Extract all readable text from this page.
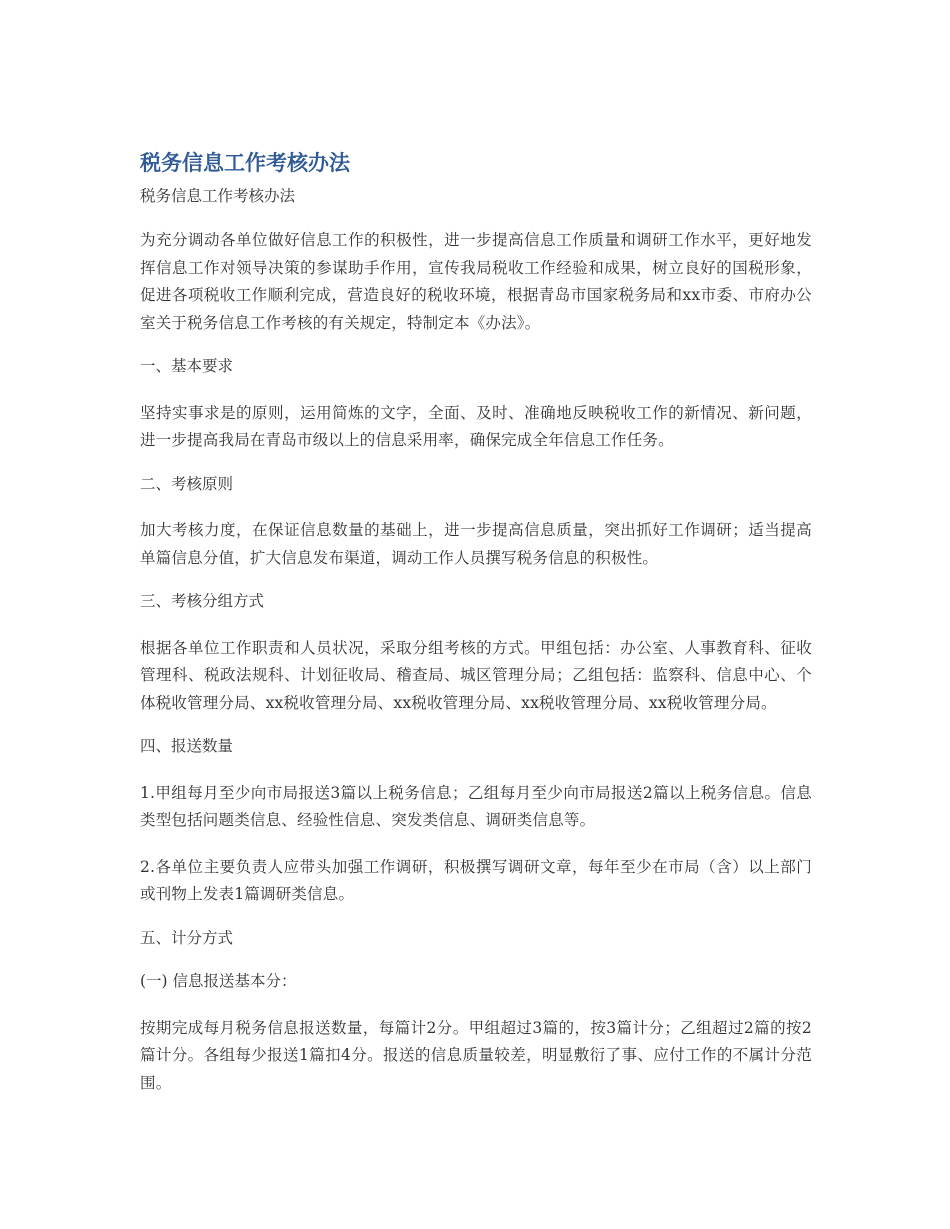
税务信息工作考核办法
税务信息工作考核办法

为充分调动各单位做好信息工作的积极性，进一步提高信息工作质量和调研工作水平，更好地发挥信息工作对领导决策的参谋助手作用，宣传我局税收工作经验和成果，树立良好的国税形象，促进各项税收工作顺利完成，营造良好的税收环境，根据青岛市国家税务局和xx市委、市府办公室关于税务信息工作考核的有关规定，特制定本《办法》。

一、基本要求

坚持实事求是的原则，运用简炼的文字，全面、及时、准确地反映税收工作的新情况、新问题，进一步提高我局在青岛市级以上的信息采用率，确保完成全年信息工作任务。

二、考核原则

加大考核力度，在保证信息数量的基础上，进一步提高信息质量，突出抓好工作调研；适当提高单篇信息分值，扩大信息发布渠道，调动工作人员撰写税务信息的积极性。

三、考核分组方式

根据各单位工作职责和人员状况，采取分组考核的方式。甲组包括：办公室、人事教育科、征收管理科、税政法规科、计划征收局、稽查局、城区管理分局；乙组包括：监察科、信息中心、个体税收管理分局、xx税收管理分局、xx税收管理分局、xx税收管理分局、xx税收管理分局。

四、报送数量

1.甲组每月至少向市局报送3篇以上税务信息；乙组每月至少向市局报送2篇以上税务信息。信息类型包括问题类信息、经验性信息、突发类信息、调研类信息等。

2.各单位主要负责人应带头加强工作调研，积极撰写调研文章，每年至少在市局（含）以上部门或刊物上发表1篇调研类信息。

五、计分方式

(一) 信息报送基本分：

按期完成每月税务信息报送数量，每篇计2分。甲组超过3篇的，按3篇计分；乙组超过2篇的按2篇计分。各组每少报送1篇扣4分。报送的信息质量较差，明显敷衍了事、应付工作的不属计分范围。
